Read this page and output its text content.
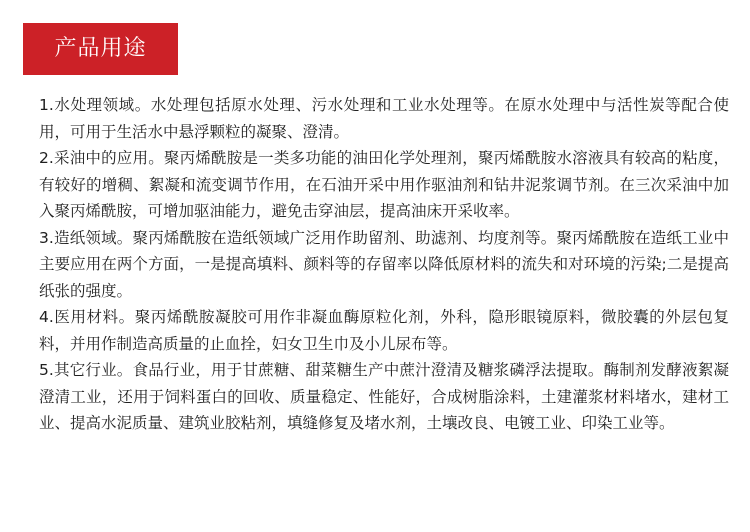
产品用途

1.水处理领域。水处理包括原水处理、污水处理和工业水处理等。在原水处理中与活性炭等配合使用，可用于生活水中悬浮颗粒的凝聚、澄清。

2.采油中的应用。聚丙烯酰胺是一类多功能的油田化学处理剂，聚丙烯酰胺水溶液具有较高的粘度，有较好的增稠、絮凝和流变调节作用，在石油开采中用作驱油剂和钻井泥浆调节剂。在三次采油中加入聚丙烯酰胺，可增加驱油能力，避免击穿油层，提高油床开采收率。

3.造纸领域。聚丙烯酰胺在造纸领域广泛用作助留剂、助滤剂、均度剂等。聚丙烯酰胺在造纸工业中主要应用在两个方面，一是提高填料、颜料等的存留率以降低原材料的流失和对环境的污染;二是提高纸张的强度。

4.医用材料。聚丙烯酰胺凝胶可用作非凝血酶原粒化剂，外科，隐形眼镜原料，微胶囊的外层包复料，并用作制造高质量的止血拴，妇女卫生巾及小儿尿布等。

5.其它行业。食品行业，用于甘蔗糖、甜菜糖生产中蔗汁澄清及糖浆磷浮法提取。酶制剂发酵液絮凝澄清工业，还用于饲料蛋白的回收、质量稳定、性能好，合成树脂涂料，土建灌浆材料堵水，建材工业、提高水泥质量、建筑业胶粘剂，填缝修复及堵水剂，土壤改良、电镀工业、印染工业等。
